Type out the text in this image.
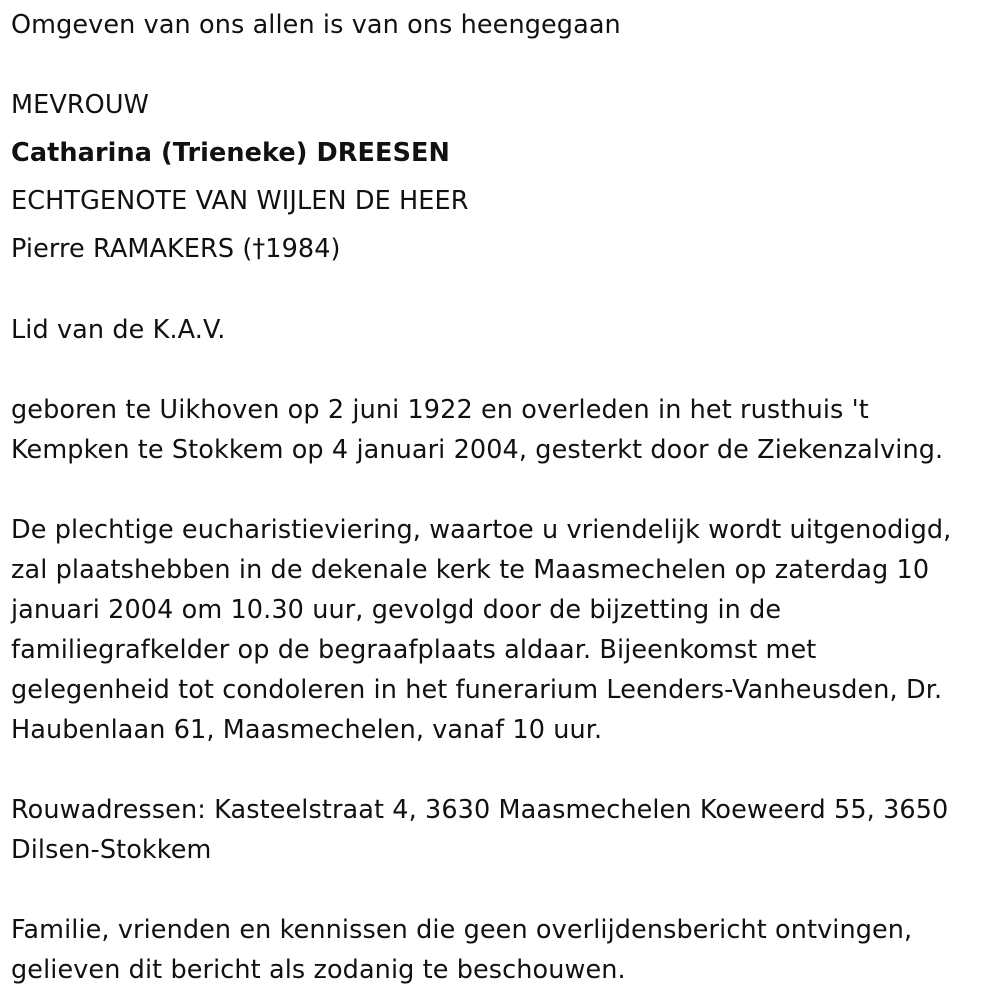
Omgeven van ons allen is van ons heengegaan
MEVROUW
Catharina (Trieneke) DREESEN
ECHTGENOTE VAN WIJLEN DE HEER
Pierre RAMAKERS (†1984)
Lid van de K.A.V.
geboren te Uikhoven op 2 juni 1922 en overleden in het rusthuis 't
Kempken te Stokkem op 4 januari 2004, gesterkt door de Ziekenzalving.
De plechtige eucharistieviering, waartoe u vriendelijk wordt uitgenodigd,
zal plaatshebben in de dekenale kerk te Maasmechelen op zaterdag 10
januari 2004 om 10.30 uur, gevolgd door de bijzetting in de
familiegrafkelder op de begraafplaats aldaar. Bijeenkomst met
gelegenheid tot condoleren in het funerarium Leenders-Vanheusden, Dr.
Haubenlaan 61, Maasmechelen, vanaf 10 uur.
Rouwadressen: Kasteelstraat 4, 3630 Maasmechelen Koeweerd 55, 3650
Dilsen-Stokkem
Familie, vrienden en kennissen die geen overlijdensbericht ontvingen,
gelieven dit bericht als zodanig te beschouwen.
